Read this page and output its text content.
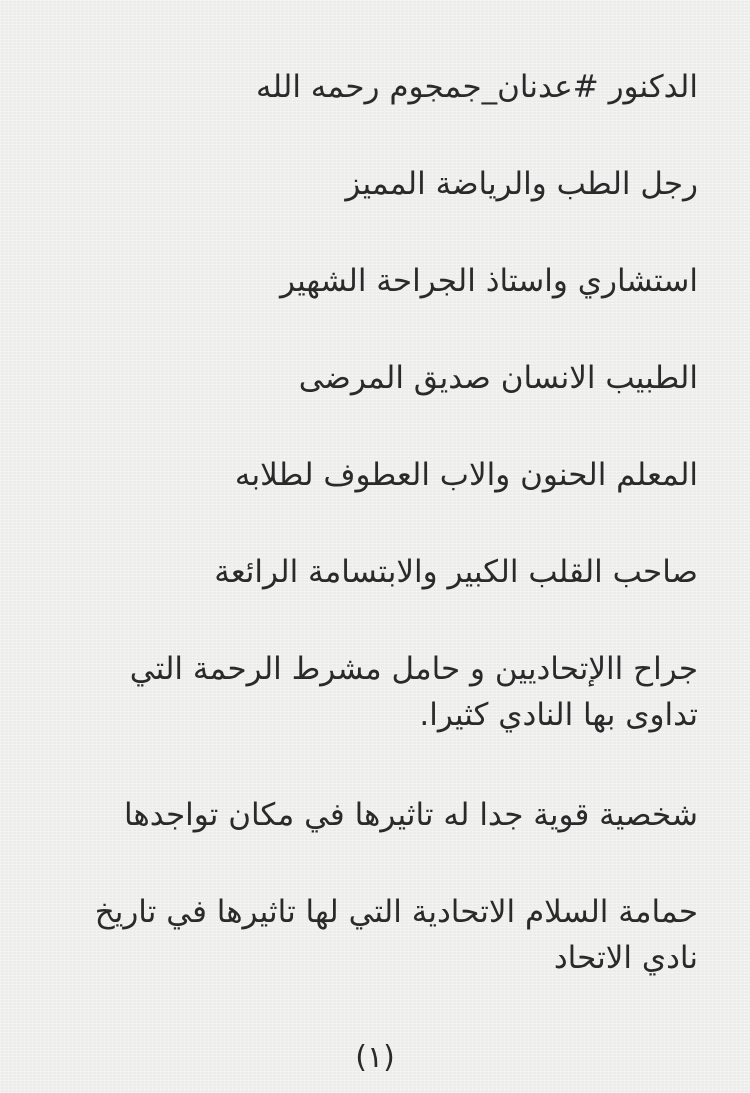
الدكنور #عدنان_جمجوم رحمه الله
رجل الطب والرياضة المميز
استشاري واستاذ الجراحة الشهير
الطبيب الانسان صديق المرضى
المعلم الحنون والاب العطوف لطلابه
صاحب القلب الكبير والابتسامة الرائعة
جراح االإتحاديين و حامل مشرط الرحمة التي تداوى بها النادي كثيرا.
شخصية قوية جدا له تاثيرها في مكان تواجدها
حمامة السلام الاتحادية التي لها تاثيرها في تاريخ نادي الاتحاد
(١)
